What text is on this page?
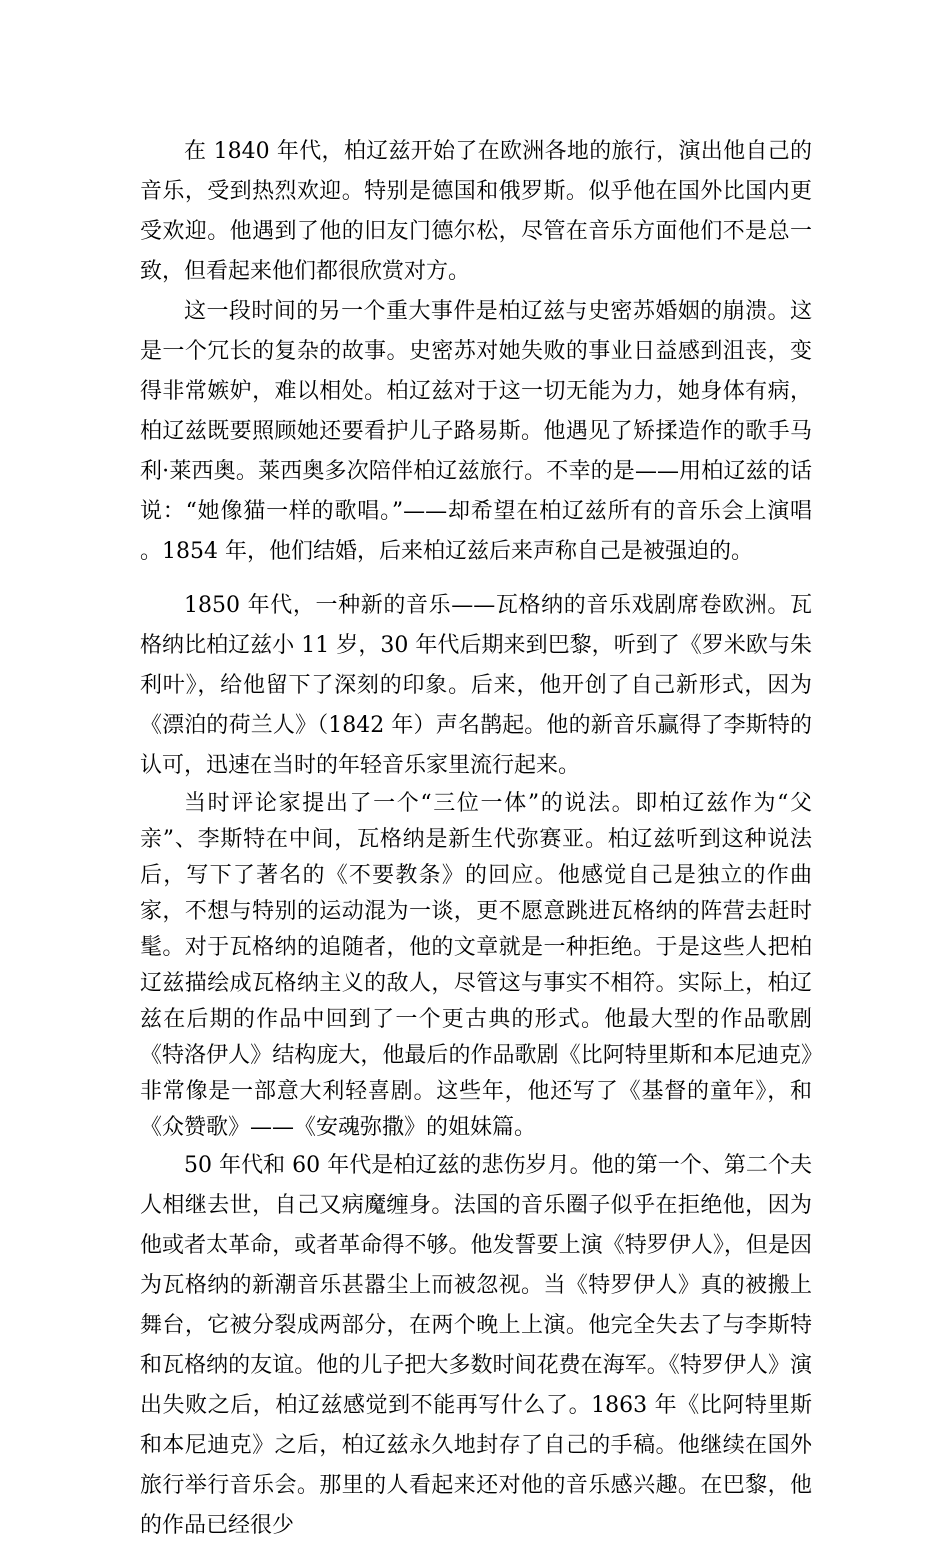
在 1840 年代，柏辽兹开始了在欧洲各地的旅行，演出他自己的音乐，受到热烈欢迎。特别是德国和俄罗斯。似乎他在国外比国内更受欢迎。他遇到了他的旧友门德尔松，尽管在音乐方面他们不是总一致，但看起来他们都很欣赏对方。

这一段时间的另一个重大事件是柏辽兹与史密苏婚姻的崩溃。这是一个冗长的复杂的故事。史密苏对她失败的事业日益感到沮丧，变得非常嫉妒，难以相处。柏辽兹对于这一切无能为力，她身体有病，柏辽兹既要照顾她还要看护儿子路易斯。他遇见了矫揉造作的歌手马利·莱西奥。莱西奥多次陪伴柏辽兹旅行。不幸的是——用柏辽兹的话说：“她像猫一样的歌唱。”——却希望在柏辽兹所有的音乐会上演唱 。1854 年，他们结婚，后来柏辽兹后来声称自己是被强迫的。

1850 年代，一种新的音乐——瓦格纳的音乐戏剧席卷欧洲。瓦格纳比柏辽兹小 11 岁，30 年代后期来到巴黎，听到了《罗米欧与朱利叶》，给他留下了深刻的印象。后来，他开创了自己新形式，因为《漂泊的荷兰人》（1842 年）声名鹊起。他的新音乐赢得了李斯特的认可，迅速在当时的年轻音乐家里流行起来。

当时评论家提出了一个“三位一体”的说法。即柏辽兹作为“父亲”、李斯特在中间，瓦格纳是新生代弥赛亚。柏辽兹听到这种说法后，写下了著名的《不要教条》的回应。他感觉自己是独立的作曲家，不想与特别的运动混为一谈，更不愿意跳进瓦格纳的阵营去赶时髦。对于瓦格纳的追随者，他的文章就是一种拒绝。于是这些人把柏辽兹描绘成瓦格纳主义的敌人，尽管这与事实不相符。实际上，柏辽兹在后期的作品中回到了一个更古典的形式。他最大型的作品歌剧《特洛伊人》结构庞大，他最后的作品歌剧《比阿特里斯和本尼迪克》非常像是一部意大利轻喜剧。这些年，他还写了《基督的童年》，和《众赞歌》——《安魂弥撒》的姐妹篇。

50 年代和 60 年代是柏辽兹的悲伤岁月。他的第一个、第二个夫人相继去世，自己又病魔缠身。法国的音乐圈子似乎在拒绝他，因为他或者太革命，或者革命得不够。他发誓要上演《特罗伊人》，但是因为瓦格纳的新潮音乐甚嚣尘上而被忽视。当《特罗伊人》真的被搬上舞台，它被分裂成两部分，在两个晚上上演。他完全失去了与李斯特和瓦格纳的友谊。他的儿子把大多数时间花费在海军。《特罗伊人》演出失败之后，柏辽兹感觉到不能再写什么了。1863 年《比阿特里斯和本尼迪克》之后，柏辽兹永久地封存了自己的手稿。他继续在国外旅行举行音乐会。那里的人看起来还对他的音乐感兴趣。在巴黎，他的作品已经很少
